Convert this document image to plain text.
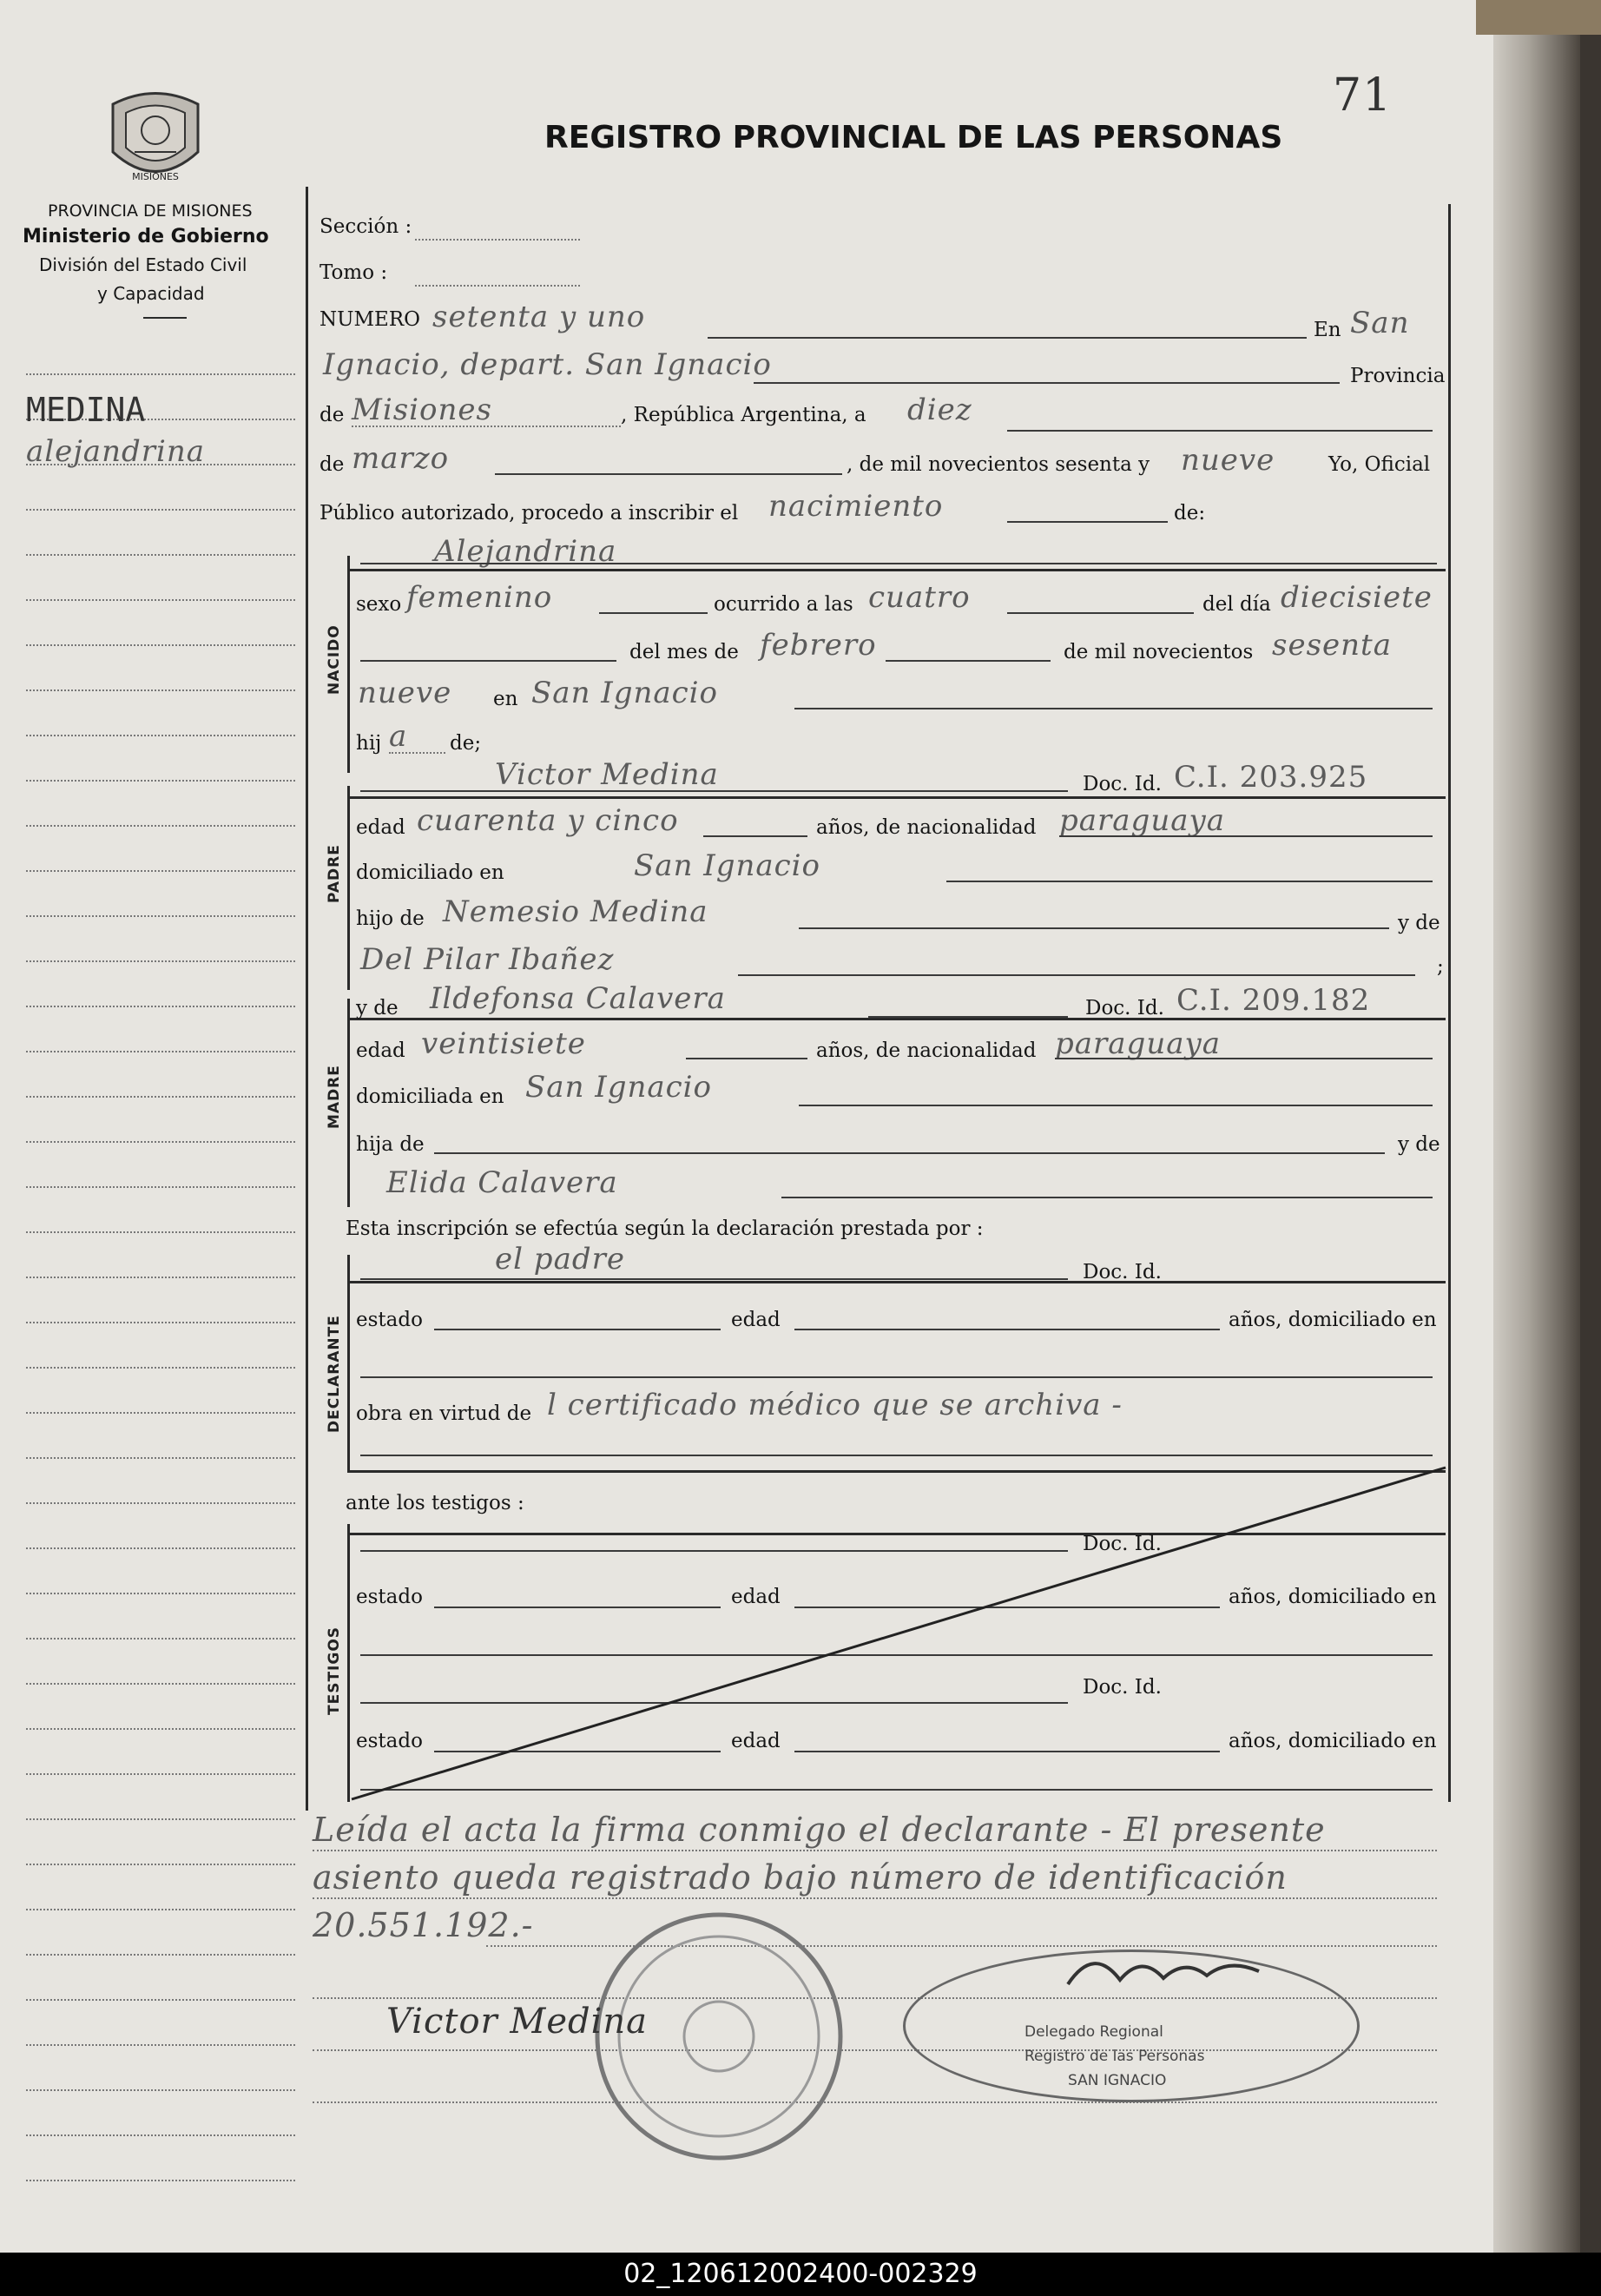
71
REGISTRO PROVINCIAL DE LAS PERSONAS
MISIONES
PROVINCIA DE MISIONES
Ministerio de Gobierno
División del Estado Civil
y Capacidad
MEDINA
alejandrina
NACIDO
PADRE
MADRE
DECLARANTE
TESTIGOS
Sección :
Tomo :
NUMERO setenta y uno	En San
Ignacio, depart. San Ignacio	Provincia
de Misiones	, República Argentina, a diez
de marzo	, de mil novecientos sesenta y nueve	Yo, Oficial
Público autorizado, procedo a inscribir el nacimiento	de:
Alejandrina
sexo femenino	ocurrido a las cuatro	del día diecisiete
del mes de febrero	de mil novecientos sesenta
nueve en San Ignacio
hij a de;
Victor Medina	Doc. Id. C.I. 203.925
edad cuarenta y cinco	años, de nacionalidad paraguaya
domiciliado en	San Ignacio
hijo de Nemesio Medina	y de
Del Pilar Ibañez	;
y de Ildefonsa Calavera	Doc. Id. C.I. 209.182
edad veintisiete	años, de nacionalidad paraguaya
domiciliada en San Ignacio
hija de	y de
Elida Calavera
Esta inscripción se efectúa según la declaración prestada por :
el padre	Doc. Id.
estado	edad	años, domiciliado en
obra en virtud de l certificado médico que se archiva -
ante los testigos :
Doc. Id.
estado	edad	años, domiciliado en
Doc. Id.
estado	edad	años, domiciliado en
Leída el acta la firma conmigo el declarante - El presente
asiento queda registrado bajo número de identificación
20.551.192.-
Victor Medina	Delegado Regional
Registro de las Personas
SAN IGNACIO
02_120612002400-002329
